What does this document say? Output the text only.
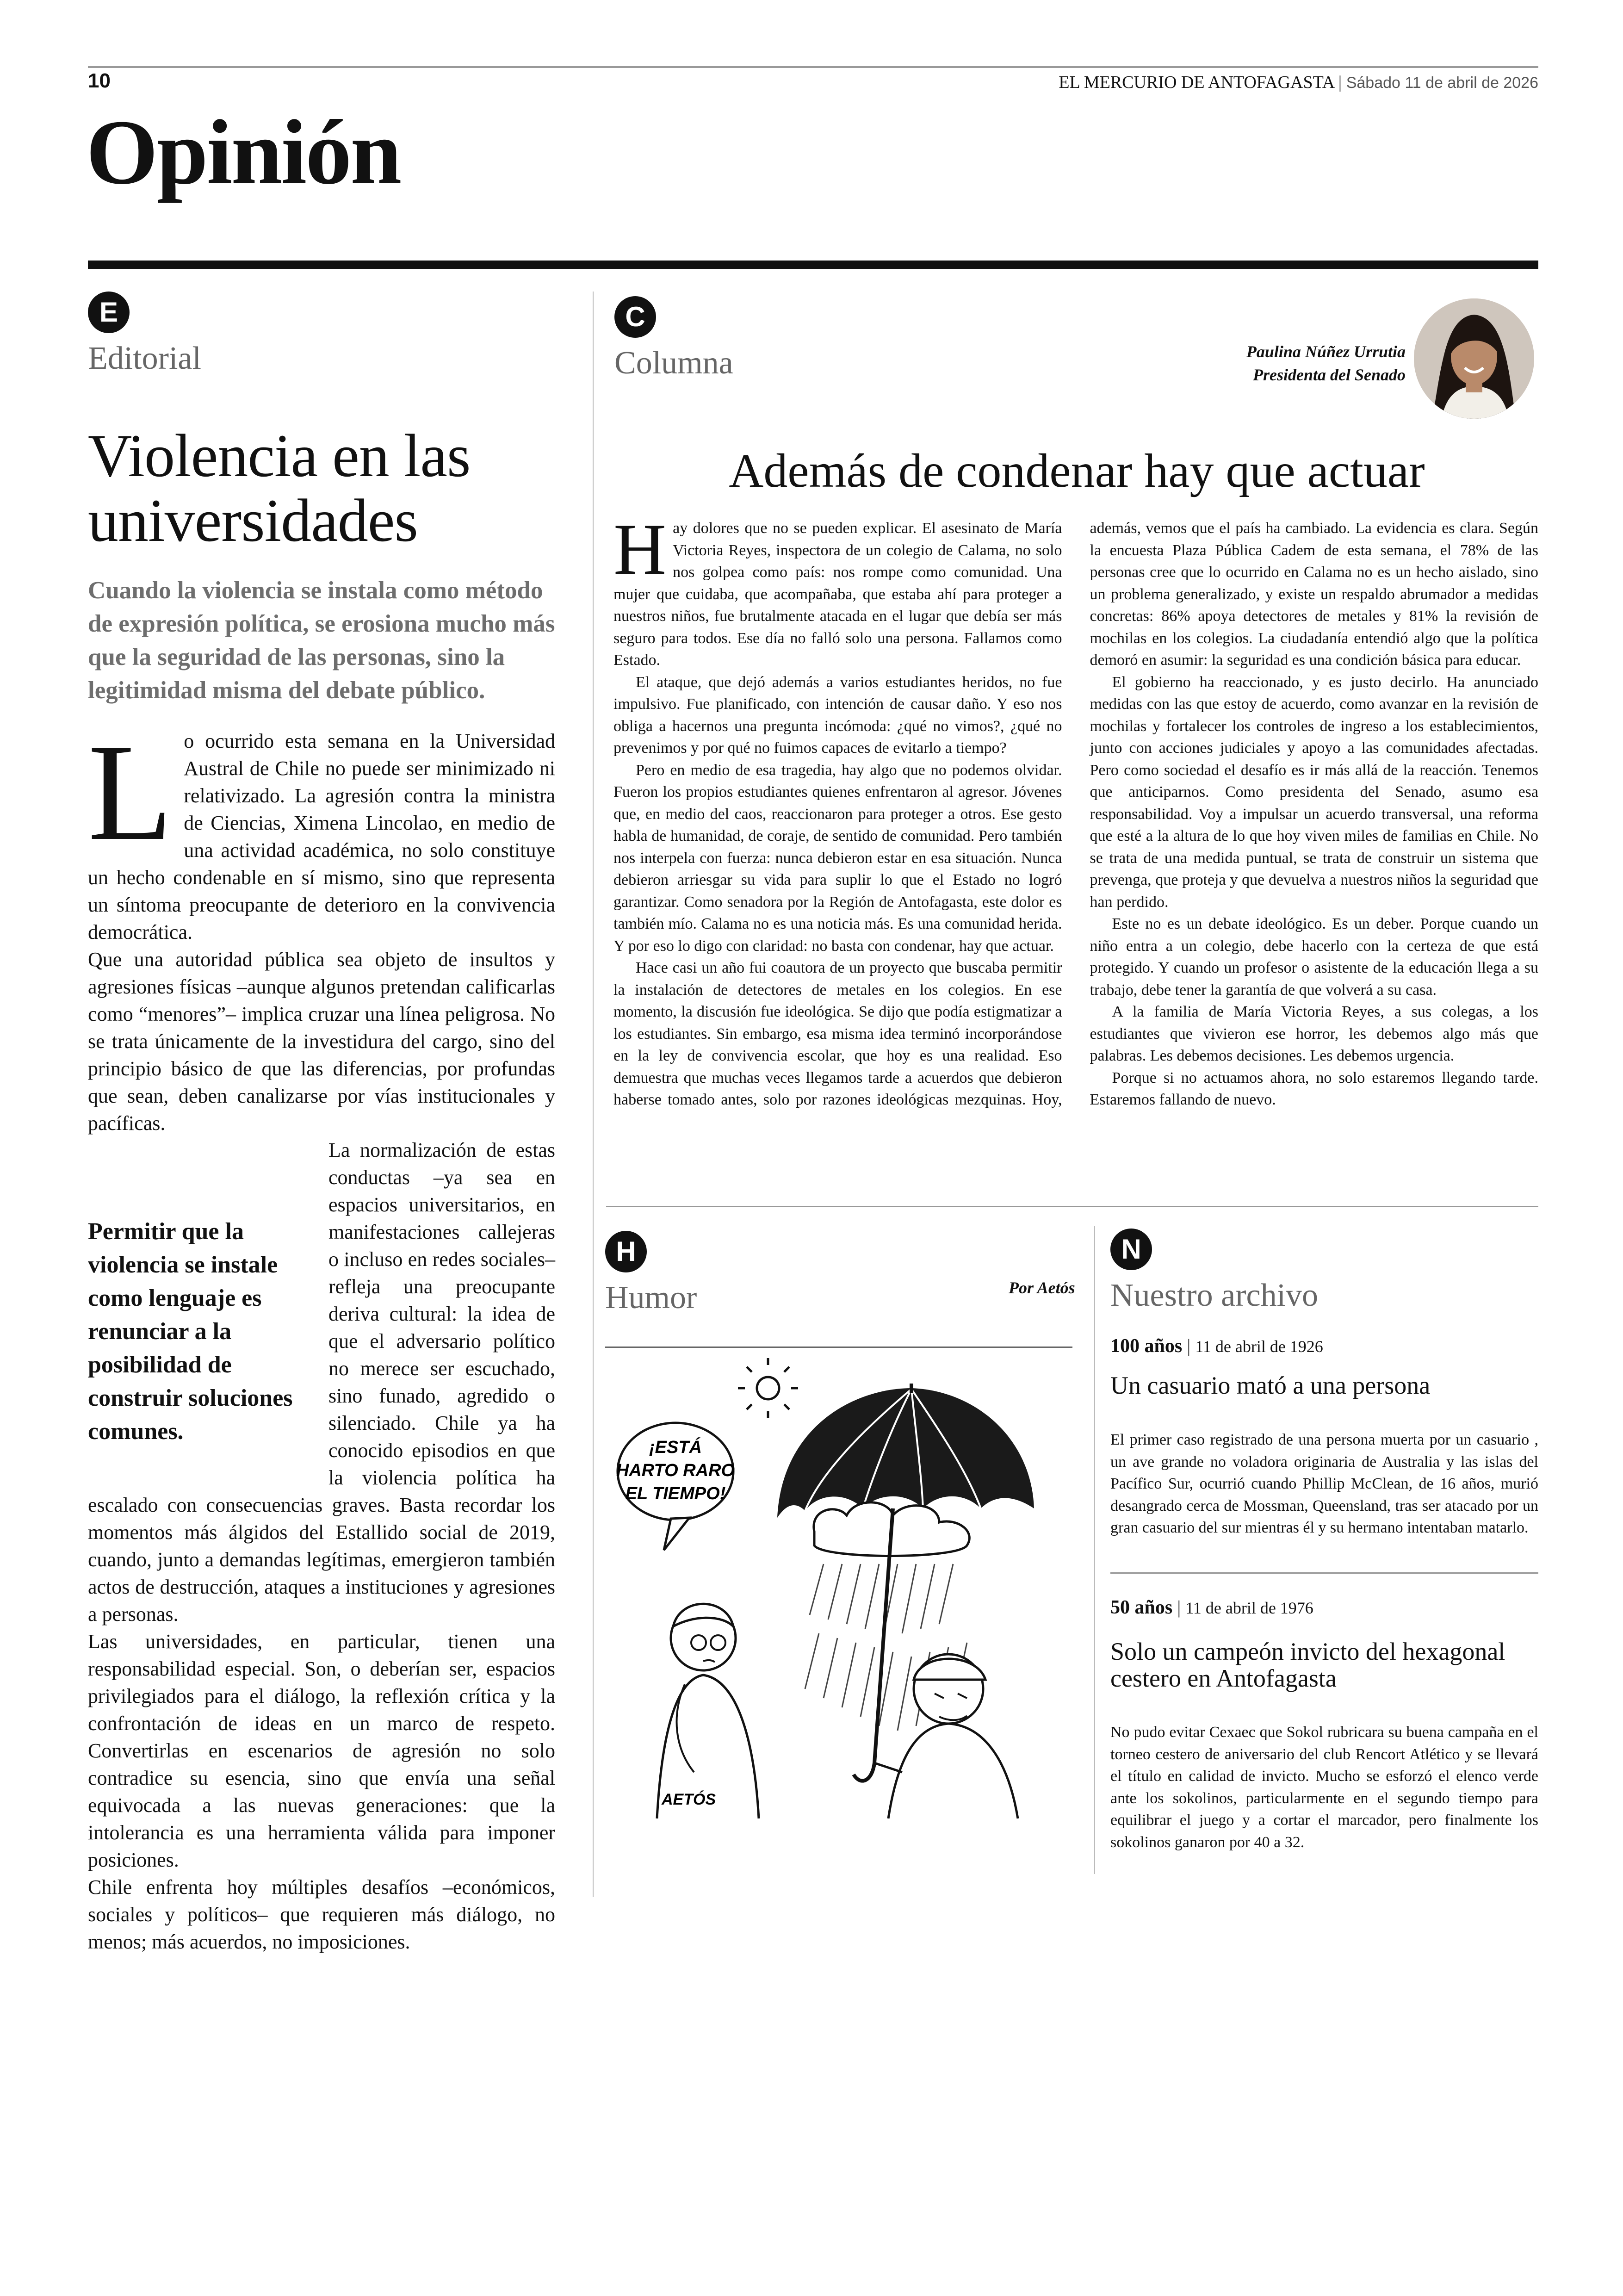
10	EL MERCURIO DE ANTOFAGASTA | Sábado 11 de abril de 2026
Opinión
E
Editorial
Violencia en las
universidades
Cuando la violencia se instala como método de expresión política, se erosiona mucho más que la seguridad de las personas, sino la legitimidad misma del debate público.

Lo ocurrido esta semana en la Universidad Austral de Chile no puede ser minimizado ni relativizado. La agresión contra la ministra de Ciencias, Ximena Lincolao, en medio de una actividad académica, no solo constituye un hecho condenable en sí mismo, sino que representa un síntoma preocupante de deterioro en la convivencia democrática.

Que una autoridad pública sea objeto de insultos y agresiones físicas –aunque algunos pretendan calificarlas como “menores”– implica cruzar una línea peligrosa. No se trata únicamente de la investidura del cargo, sino del principio básico de que las diferencias, por profundas que sean, deben canalizarse por vías institucionales y pacíficas.

Permitir que la violencia se instale como lenguaje es renunciar a la posibilidad de construir soluciones comunes.

La normalización de estas conductas –ya sea en espacios universitarios, en manifestaciones callejeras o incluso en redes sociales– refleja una preocupante deriva cultural: la idea de que el adversario político no merece ser escuchado, sino funado, agredido o silenciado. Chile ya ha conocido episodios en que la violencia política ha escalado con consecuencias graves. Basta recordar los momentos más álgidos del Estallido social de 2019, cuando, junto a demandas legítimas, emergieron también actos de destrucción, ataques a instituciones y agresiones a personas.

Las universidades, en particular, tienen una responsabilidad especial. Son, o deberían ser, espacios privilegiados para el diálogo, la reflexión crítica y la confrontación de ideas en un marco de respeto. Convertirlas en escenarios de agresión no solo contradice su esencia, sino que envía una señal equivocada a las nuevas generaciones: que la intolerancia es una herramienta válida para imponer posiciones.

Chile enfrenta hoy múltiples desafíos –económicos, sociales y políticos– que requieren más diálogo, no menos; más acuerdos, no imposiciones.

C
Columna	Paulina Núñez Urrutia
Presidenta del Senado
Además de condenar hay que actuar

Hay dolores que no se pueden explicar. El asesinato de María Victoria Reyes, inspectora de un colegio de Calama, no solo nos golpea como país: nos rompe como comunidad. Una mujer que cuidaba, que acompañaba, que estaba ahí para proteger a nuestros niños, fue brutalmente atacada en el lugar que debía ser más seguro para todos. Ese día no falló solo una persona. Fallamos como Estado.

El ataque, que dejó además a varios estudiantes heridos, no fue impulsivo. Fue planificado, con intención de causar daño. Y eso nos obliga a hacernos una pregunta incómoda: ¿qué no vimos?, ¿qué no prevenimos y por qué no fuimos capaces de evitarlo a tiempo?

Pero en medio de esa tragedia, hay algo que no podemos olvidar. Fueron los propios estudiantes quienes enfrentaron al agresor. Jóvenes que, en medio del caos, reaccionaron para proteger a otros. Ese gesto habla de humanidad, de coraje, de sentido de comunidad. Pero también nos interpela con fuerza: nunca debieron estar en esa situación. Nunca debieron arriesgar su vida para suplir lo que el Estado no logró garantizar. Como senadora por la Región de Antofagasta, este dolor es también mío. Calama no es una noticia más. Es una comunidad herida. Y por eso lo digo con claridad: no basta con condenar, hay que actuar.

Hace casi un año fui coautora de un proyecto que buscaba permitir la instalación de detectores de metales en los colegios. En ese momento, la discusión fue ideológica. Se dijo que podía estigmatizar a los estudiantes. Sin embargo, esa misma idea terminó incorporándose en la ley de convivencia escolar, que hoy es una realidad. Eso demuestra que muchas veces llegamos tarde a acuerdos que debieron haberse tomado antes, solo por razones ideológicas mezquinas. Hoy, además, vemos que el país ha cambiado. La evidencia es clara. Según la encuesta Plaza Pública Cadem de esta semana, el 78% de las personas cree que lo ocurrido en Calama no es un hecho aislado, sino un problema generalizado, y existe un respaldo abrumador a medidas concretas: 86% apoya detectores de metales y 81% la revisión de mochilas en los colegios. La ciudadanía entendió algo que la política demoró en asumir: la seguridad es una condición básica para educar.

El gobierno ha reaccionado, y es justo decirlo. Ha anunciado medidas con las que estoy de acuerdo, como avanzar en la revisión de mochilas y fortalecer los controles de ingreso a los establecimientos, junto con acciones judiciales y apoyo a las comunidades afectadas. Pero como sociedad el desafío es ir más allá de la reacción. Tenemos que anticiparnos. Como presidenta del Senado, asumo esa responsabilidad. Voy a impulsar un acuerdo transversal, una reforma que esté a la altura de lo que hoy viven miles de familias en Chile. No se trata de una medida puntual, se trata de construir un sistema que prevenga, que proteja y que devuelva a nuestros niños la seguridad que han perdido.

Este no es un debate ideológico. Es un deber. Porque cuando un niño entra a un colegio, debe hacerlo con la certeza de que está protegido. Y cuando un profesor o asistente de la educación llega a su trabajo, debe tener la garantía de que volverá a su casa.

A la familia de María Victoria Reyes, a sus colegas, a los estudiantes que vivieron ese horror, les debemos algo más que palabras. Les debemos decisiones. Les debemos urgencia.

Porque si no actuamos ahora, no solo estaremos llegando tarde. Estaremos fallando de nuevo.

H
Humor	Por Aetós
¡ESTÁ
HARTO RARO
EL TIEMPO!
AETÓS
N
Nuestro archivo
100 años | 11 de abril de 1926
Un casuario mató a una persona
El primer caso registrado de una persona muerta por un casuario , un ave grande no voladora originaria de Australia y las islas del Pacífico Sur, ocurrió cuando Phillip McClean, de 16 años, murió desangrado cerca de Mossman, Queensland, tras ser atacado por un gran casuario del sur mientras él y su hermano intentaban matarlo.
50 años | 11 de abril de 1976
Solo un campeón invicto del hexagonal
cestero en Antofagasta
No pudo evitar Cexaec que Sokol rubricara su buena campaña en el torneo cestero de aniversario del club Rencort Atlético y se llevará el título en calidad de invicto. Mucho se esforzó el elenco verde ante los sokolinos, particularmente en el segundo tiempo para equilibrar el juego y a cortar el marcador, pero finalmente los sokolinos ganaron por 40 a 32.
